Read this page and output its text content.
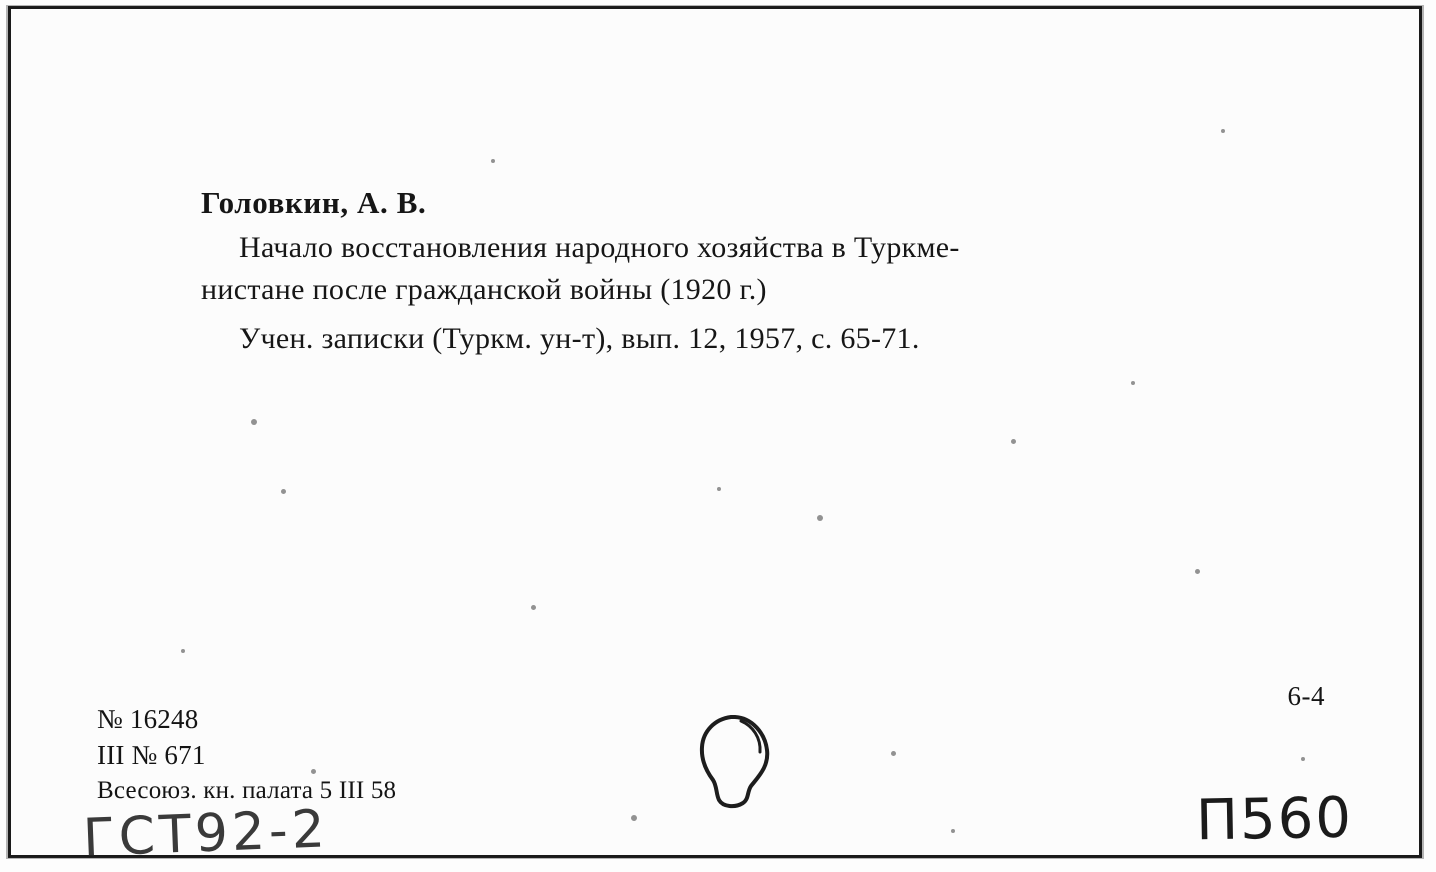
Головкин, А. В.
Начало восстановления народного хозяйства в Туркме-
нистане после гражданской войны (1920 г.)
Учен. записки (Туркм. ун-т), вып. 12, 1957, с. 65-71.
№ 16248
III № 671
Всесоюз. кн. палата 5 III 58
ГСТ92-2
6-4
П560
